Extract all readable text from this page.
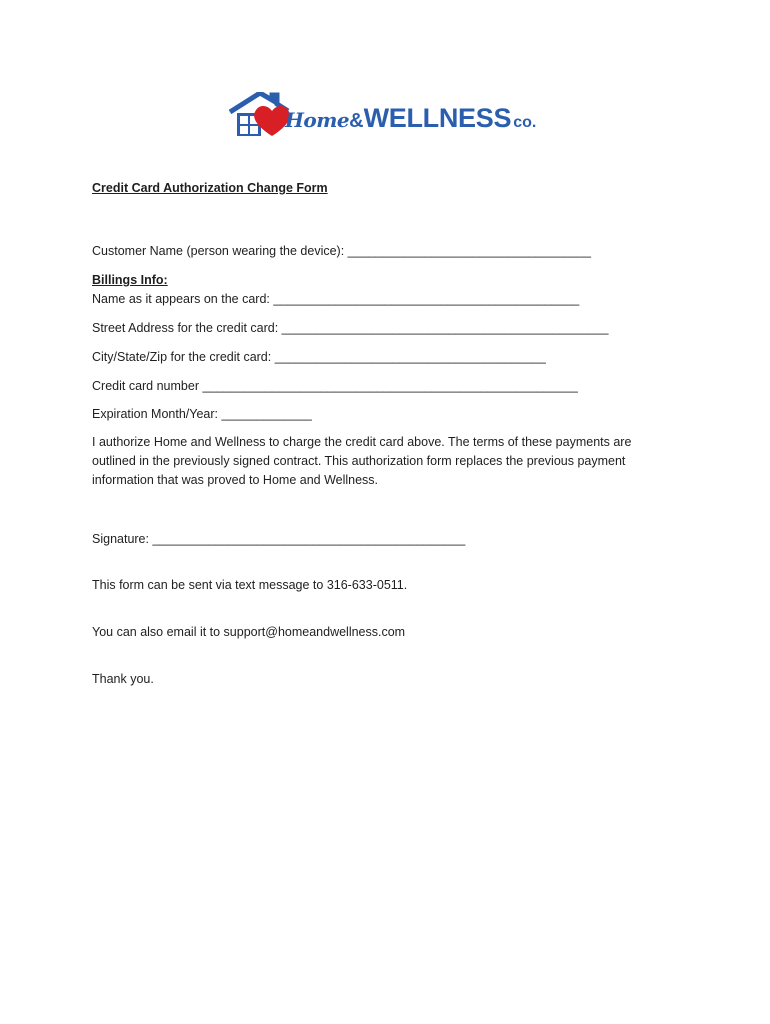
Home&WELLNESS co.
Credit Card Authorization Change Form
Customer Name (person wearing the device): ___________________________________
Billings Info:
Name as it appears on the card: ____________________________________________
Street Address for the credit card: _______________________________________________
City/State/Zip for the credit card: _______________________________________
Credit card number ______________________________________________________
Expiration Month/Year: _____________
I authorize Home and Wellness to charge the credit card above. The terms of these payments are outlined in the previously signed contract. This authorization form replaces the previous payment information that was proved to Home and Wellness.
Signature: _____________________________________________
This form can be sent via text message to 316-633-0511.
You can also email it to support@homeandwellness.com
Thank you.
